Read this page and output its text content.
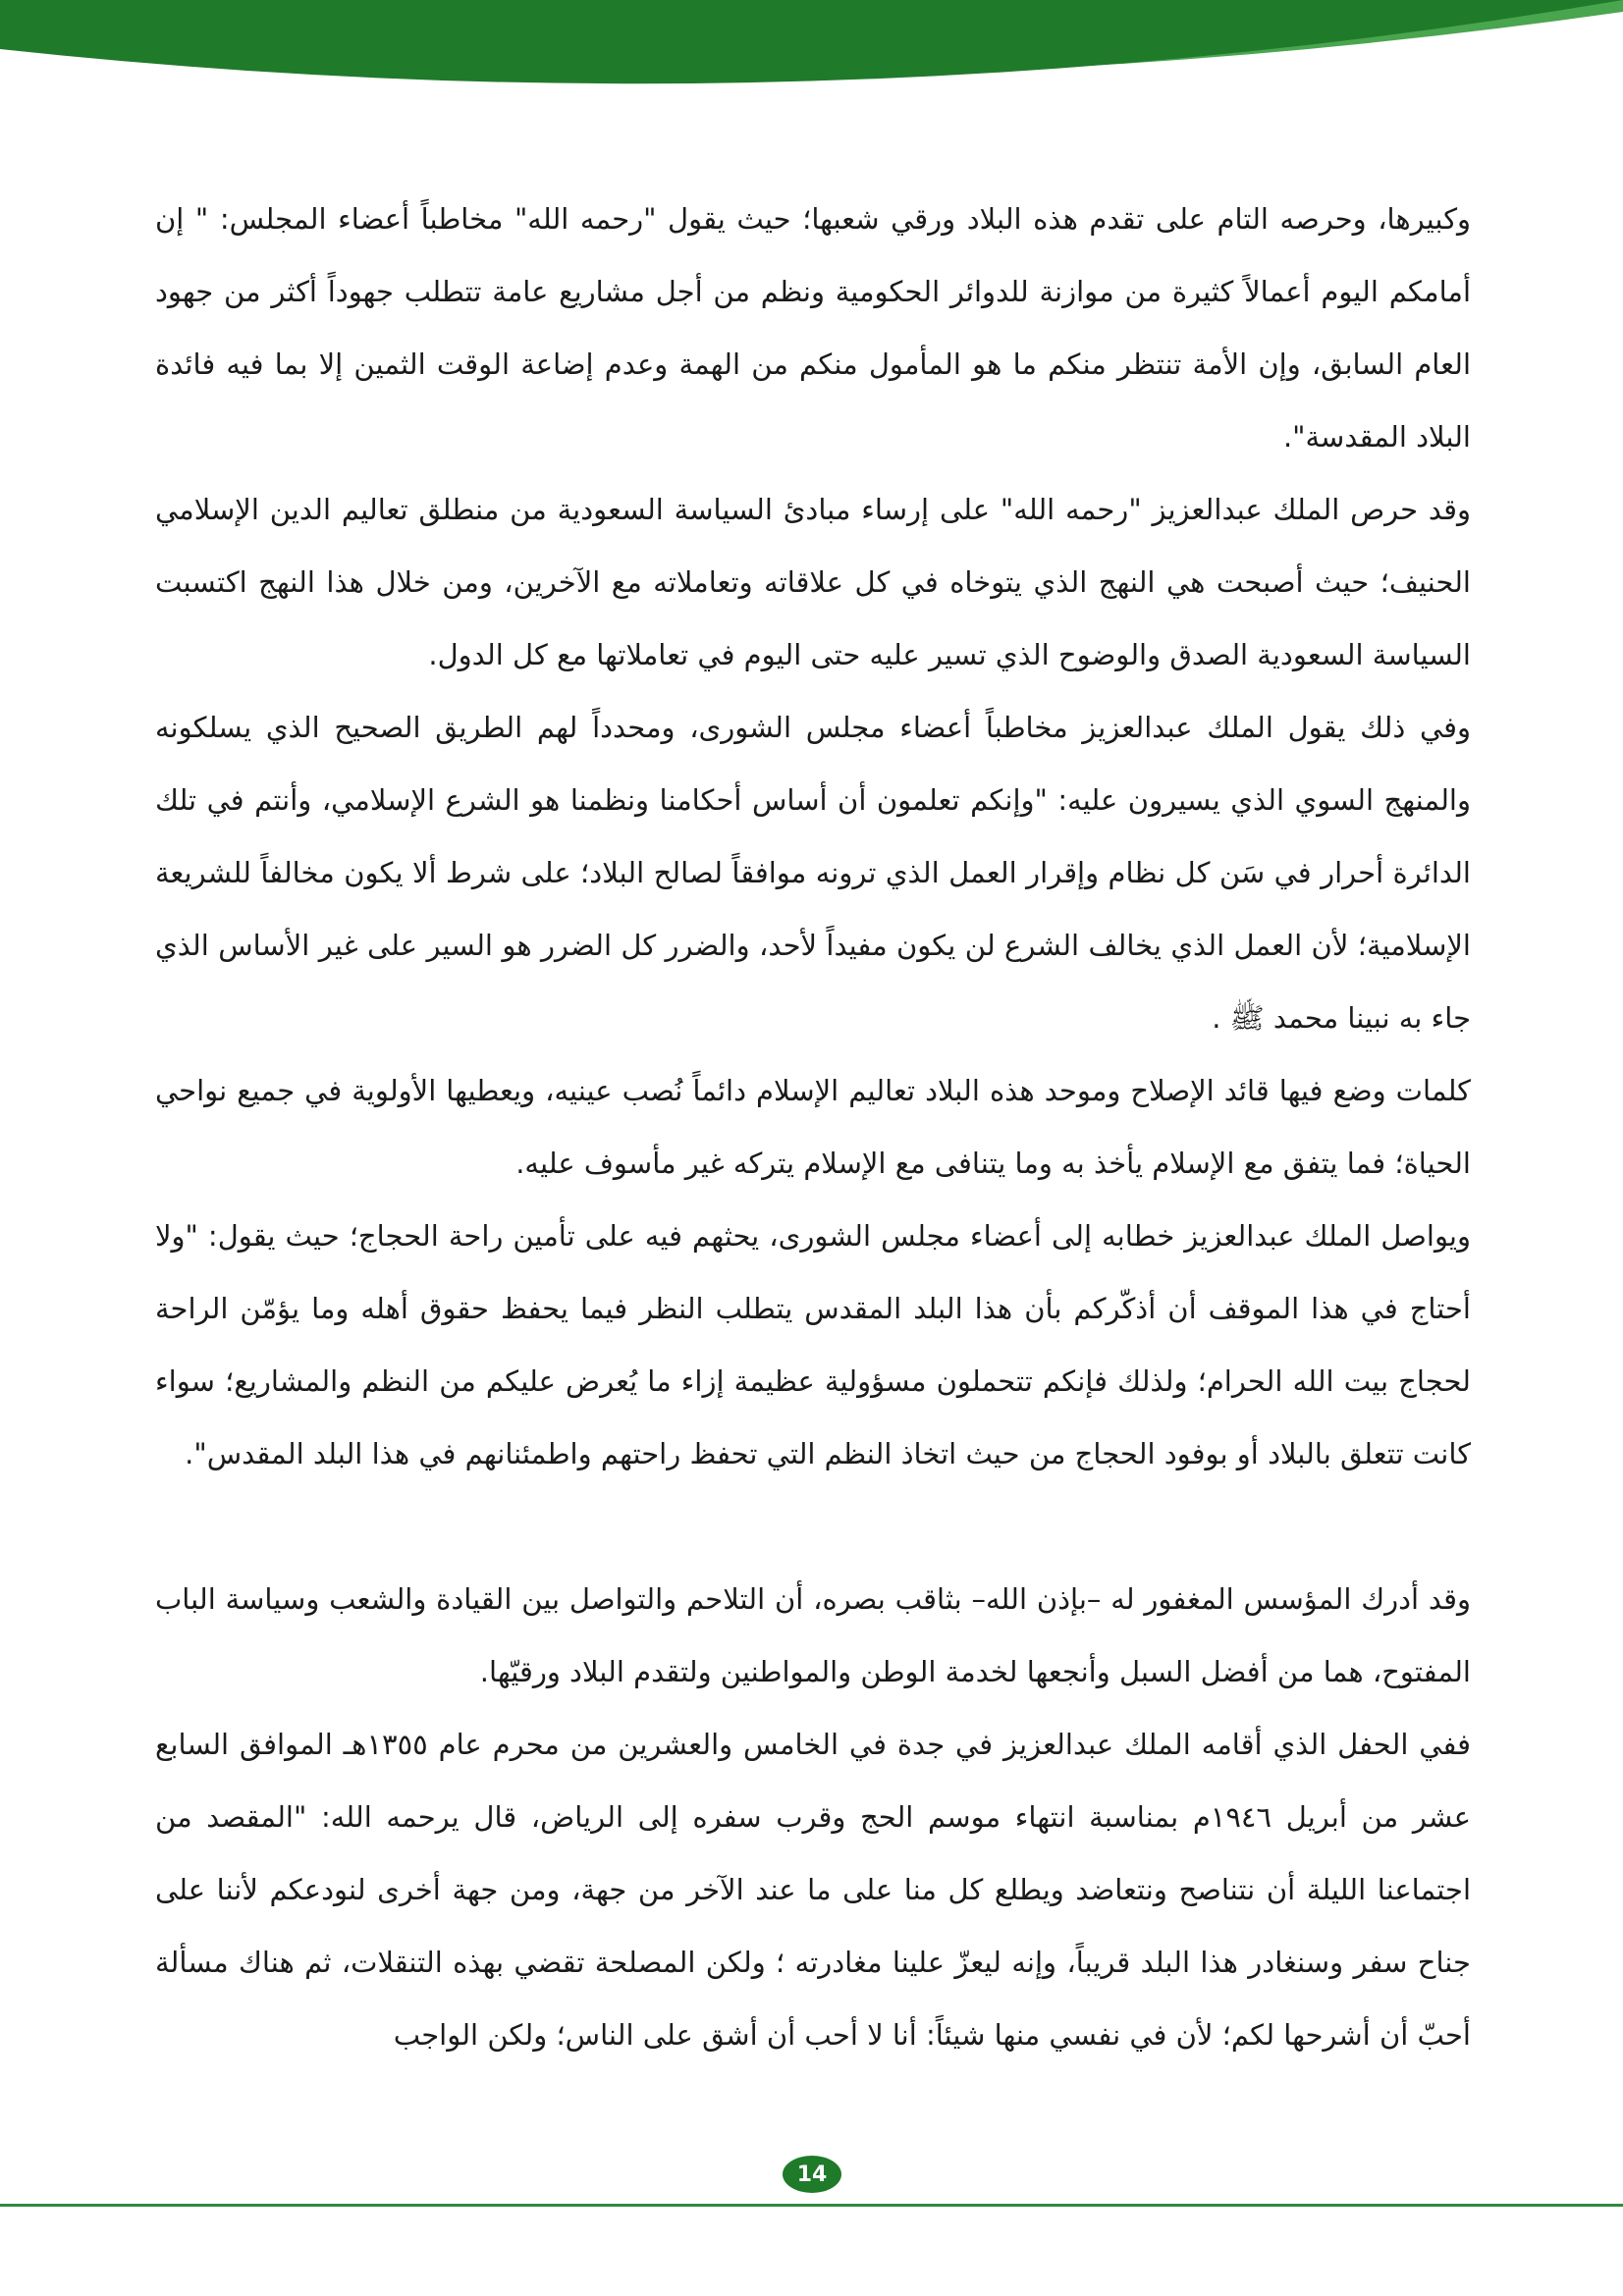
وكبيرها، وحرصه التام على تقدم هذه البلاد ورقي شعبها؛ حيث يقول "رحمه الله" مخاطباً أعضاء المجلس: " إن أمامكم اليوم أعمالاً كثيرة من موازنة للدوائر الحكومية ونظم من أجل مشاريع عامة تتطلب جهوداً أكثر من جهود العام السابق، وإن الأمة تنتظر منكم ما هو المأمول منكم من الهمة وعدم إضاعة الوقت الثمين إلا بما فيه فائدة البلاد المقدسة".

وقد حرص الملك عبدالعزيز "رحمه الله" على إرساء مبادئ السياسة السعودية من منطلق تعاليم الدين الإسلامي الحنيف؛ حيث أصبحت هي النهج الذي يتوخاه في كل علاقاته وتعاملاته مع الآخرين، ومن خلال هذا النهج اكتسبت السياسة السعودية الصدق والوضوح الذي تسير عليه حتى اليوم في تعاملاتها مع كل الدول.

وفي ذلك يقول الملك عبدالعزيز مخاطباً أعضاء مجلس الشورى، ومحدداً لهم الطريق الصحيح الذي يسلكونه والمنهج السوي الذي يسيرون عليه: "وإنكم تعلمون أن أساس أحكامنا ونظمنا هو الشرع الإسلامي، وأنتم في تلك الدائرة أحرار في سَن كل نظام وإقرار العمل الذي ترونه موافقاً لصالح البلاد؛ على شرط ألا يكون مخالفاً للشريعة الإسلامية؛ لأن العمل الذي يخالف الشرع لن يكون مفيداً لأحد، والضرر كل الضرر هو السير على غير الأساس الذي جاء به نبينا محمد ﷺ .

كلمات وضع فيها قائد الإصلاح وموحد هذه البلاد تعاليم الإسلام دائماً نُصب عينيه، ويعطيها الأولوية في جميع نواحي الحياة؛ فما يتفق مع الإسلام يأخذ به وما يتنافى مع الإسلام يتركه غير مأسوف عليه.

ويواصل الملك عبدالعزيز خطابه إلى أعضاء مجلس الشورى، يحثهم فيه على تأمين راحة الحجاج؛ حيث يقول: "ولا أحتاج في هذا الموقف أن أذكّركم بأن هذا البلد المقدس يتطلب النظر فيما يحفظ حقوق أهله وما يؤمّن الراحة لحجاج بيت الله الحرام؛ ولذلك فإنكم تتحملون مسؤولية عظيمة إزاء ما يُعرض عليكم من النظم والمشاريع؛ سواء كانت تتعلق بالبلاد أو بوفود الحجاج من حيث اتخاذ النظم التي تحفظ راحتهم واطمئنانهم في هذا البلد المقدس".

وقد أدرك المؤسس المغفور له –بإذن الله– بثاقب بصره، أن التلاحم والتواصل بين القيادة والشعب وسياسة الباب المفتوح، هما من أفضل السبل وأنجعها لخدمة الوطن والمواطنين ولتقدم البلاد ورقيّها.

ففي الحفل الذي أقامه الملك عبدالعزيز في جدة في الخامس والعشرين من محرم عام ١٣٥٥هـ الموافق السابع عشر من أبريل ١٩٤٦م بمناسبة انتهاء موسم الحج وقرب سفره إلى الرياض، قال يرحمه الله: "المقصد من اجتماعنا الليلة أن نتناصح ونتعاضد ويطلع كل منا على ما عند الآخر من جهة، ومن جهة أخرى لنودعكم لأننا على جناح سفر وسنغادر هذا البلد قريباً، وإنه ليعزّ علينا مغادرته ؛ ولكن المصلحة تقضي بهذه التنقلات، ثم هناك مسألة أحبّ أن أشرحها لكم؛ لأن في نفسي منها شيئاً: أنا لا أحب أن أشق على الناس؛ ولكن الواجب

14
